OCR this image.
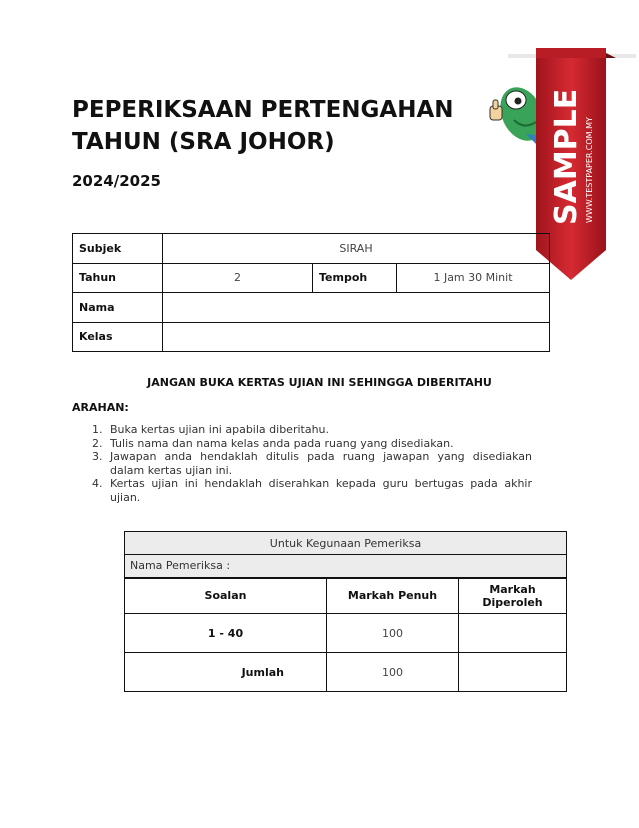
PEPERIKSAAN PERTENGAHAN
TAHUN (SRA JOHOR)
2024/2025	SAMPLE WWW.TESTPAPER.COM.MY
Subjek	SIRAH		
Tahun	2	Tempoh	1 Jam 30 Minit
Nama			
Kelas			
JANGAN BUKA KERTAS UJIAN INI SEHINGGA DIBERITAHU
ARAHAN:
1. Buka kertas ujian ini apabila diberitahu.
2. Tulis nama dan nama kelas anda pada ruang yang disediakan.
3. Jawapan anda hendaklah ditulis pada ruang jawapan yang disediakan dalam kertas ujian ini.
4. Kertas ujian ini hendaklah diserahkan kepada guru bertugas pada akhir ujian.
Untuk Kegunaan Pemeriksa		
Nama Pemeriksa :		
Soalan	Markah Penuh	Markah Diperoleh
1 - 40	100	
Jumlah	100	
